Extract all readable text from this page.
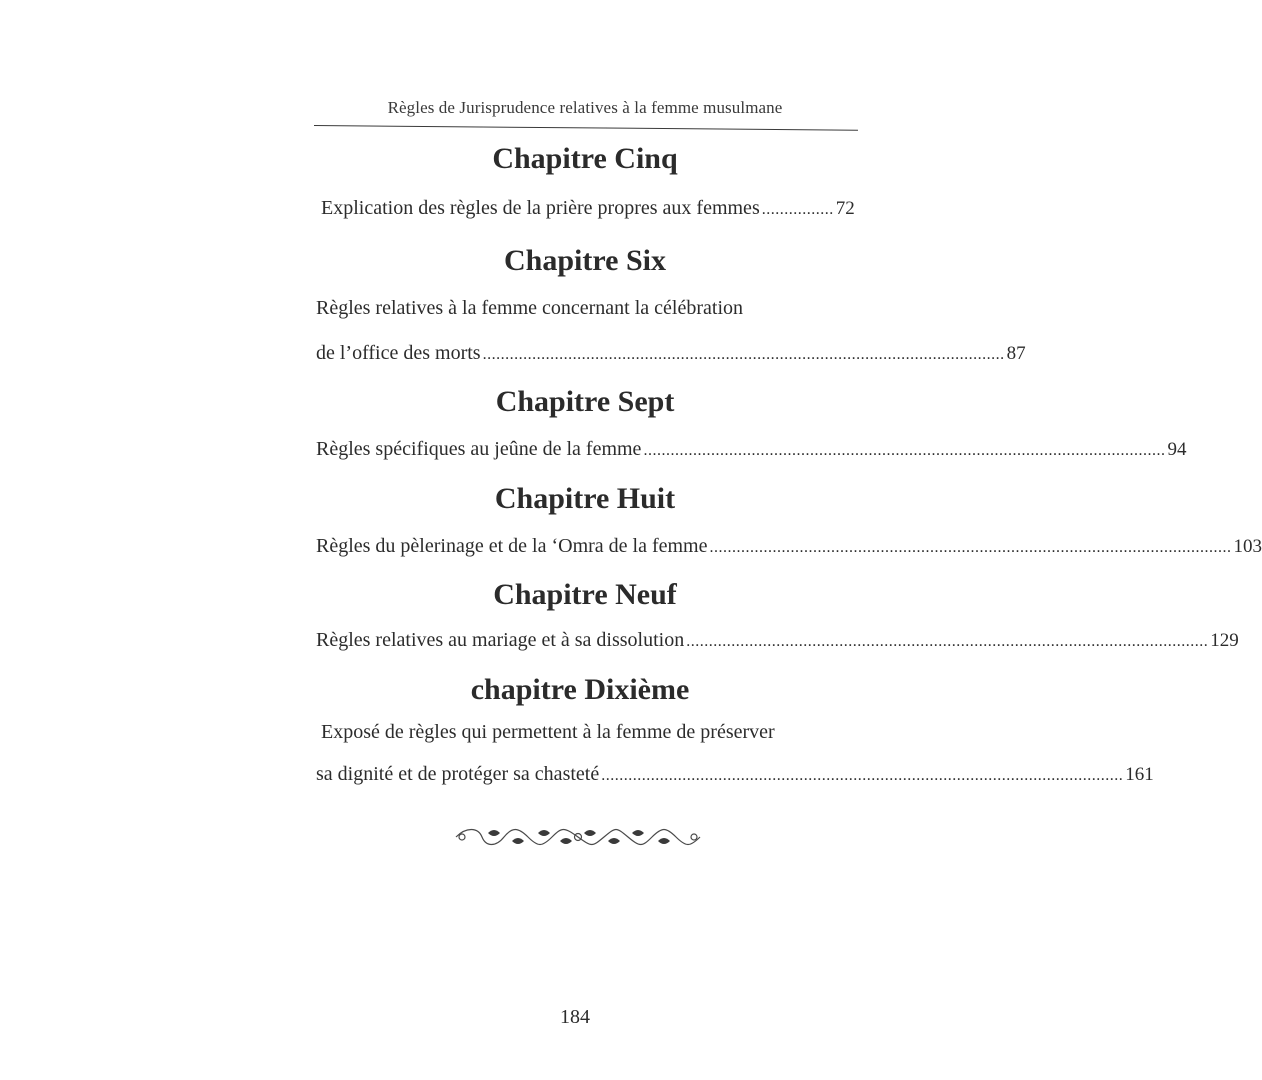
Règles de Jurisprudence relatives à la femme musulmane
Chapitre Cinq
Explication des règles de la prière propres aux femmes ................ 72
Chapitre Six
Règles relatives à la femme concernant la célébration
de l’office des morts .................................................................................................................... 87
Chapitre Sept
Règles spécifiques au jeûne de la femme .................................................................................................................... 94
Chapitre Huit
Règles du pèlerinage et de la ‘Omra de la femme .................................................................................................................... 103
Chapitre Neuf
Règles relatives au mariage et à sa dissolution .................................................................................................................... 129
chapitre Dixième
Exposé de règles qui permettent à la femme de préserver
sa dignité et de protéger sa chasteté .................................................................................................................... 161
184
